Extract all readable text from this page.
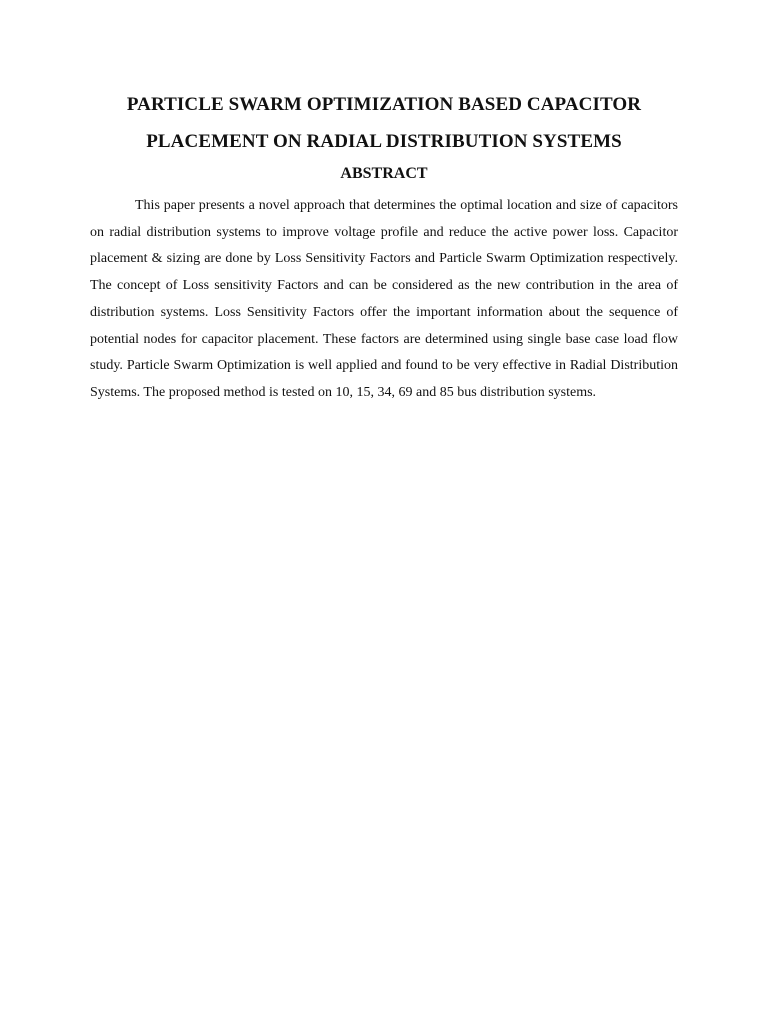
PARTICLE SWARM OPTIMIZATION BASED CAPACITOR
PLACEMENT ON RADIAL DISTRIBUTION SYSTEMS
ABSTRACT

This paper presents a novel approach that determines the optimal location and size of capacitors on radial distribution systems to improve voltage profile and reduce the active power loss. Capacitor placement & sizing are done by Loss Sensitivity Factors and Particle Swarm Optimization respectively. The concept of Loss sensitivity Factors and can be considered as the new contribution in the area of distribution systems. Loss Sensitivity Factors offer the important information about the sequence of potential nodes for capacitor placement. These factors are determined using single base case load flow study. Particle Swarm Optimization is well applied and found to be very effective in Radial Distribution Systems. The proposed method is tested on 10, 15, 34, 69 and 85 bus distribution systems.
